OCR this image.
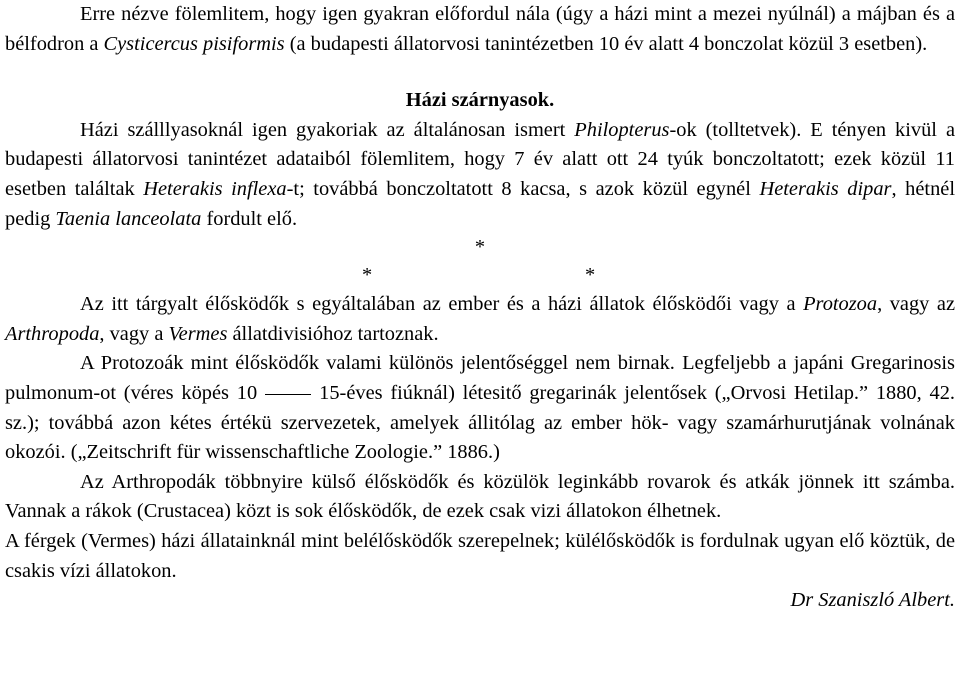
Erre nézve fölemlitem, hogy igen gyakran előfordul nála (úgy a házi mint a mezei nyúlnál) a májban és a bélfodron a Cysticercus pisiformis (a budapesti állatorvosi tanintézetben 10 év alatt 4 bonczolat közül 3 esetben).

Házi szárnyasok.

Házi szálllyasoknál igen gyakoriak az általánosan ismert Philopterus-ok (tolltetvek). E tényen kivül a budapesti állatorvosi tanintézet adataiból fölemlitem, hogy 7 év alatt ott 24 tyúk bonczoltatott; ezek közül 11 esetben találtak Heterakis inflexa-t; továbbá bonczoltatott 8 kacsa, s azok közül egynél Heterakis dipar, hétnél pedig Taenia lanceolata fordult elő.

*

*	*

Az itt tárgyalt élősködők s egyáltalában az ember és a házi állatok élősködői vagy a Protozoa, vagy az Arthropoda, vagy a Vermes állatdivisióhoz tartoznak.

A Protozoák mint élősködők valami különös jelentőséggel nem birnak. Legfeljebb a japáni Gregarinosis pulmonum-ot (véres köpés 10	15-éves fiúknál) létesitő gregarinák jelentősek („Orvosi Hetilap.” 1880, 42. sz.); továbbá azon kétes értékü szervezetek, amelyek állitólag az ember hök- vagy szamárhurutjának volnának okozói. („Zeitschrift für wissenschaftliche Zoologie.” 1886.)

Az Arthropodák többnyire külső élősködők és közülök leginkább rovarok és atkák jönnek itt számba. Vannak a rákok (Crustacea) közt is sok élősködők, de ezek csak vizi állatokon élhetnek.

A férgek (Vermes) házi állatainknál mint belélősködők szerepelnek; külélősködők is fordulnak ugyan elő köztük, de csakis vízi állatokon.

Dr Szaniszló Albert.
